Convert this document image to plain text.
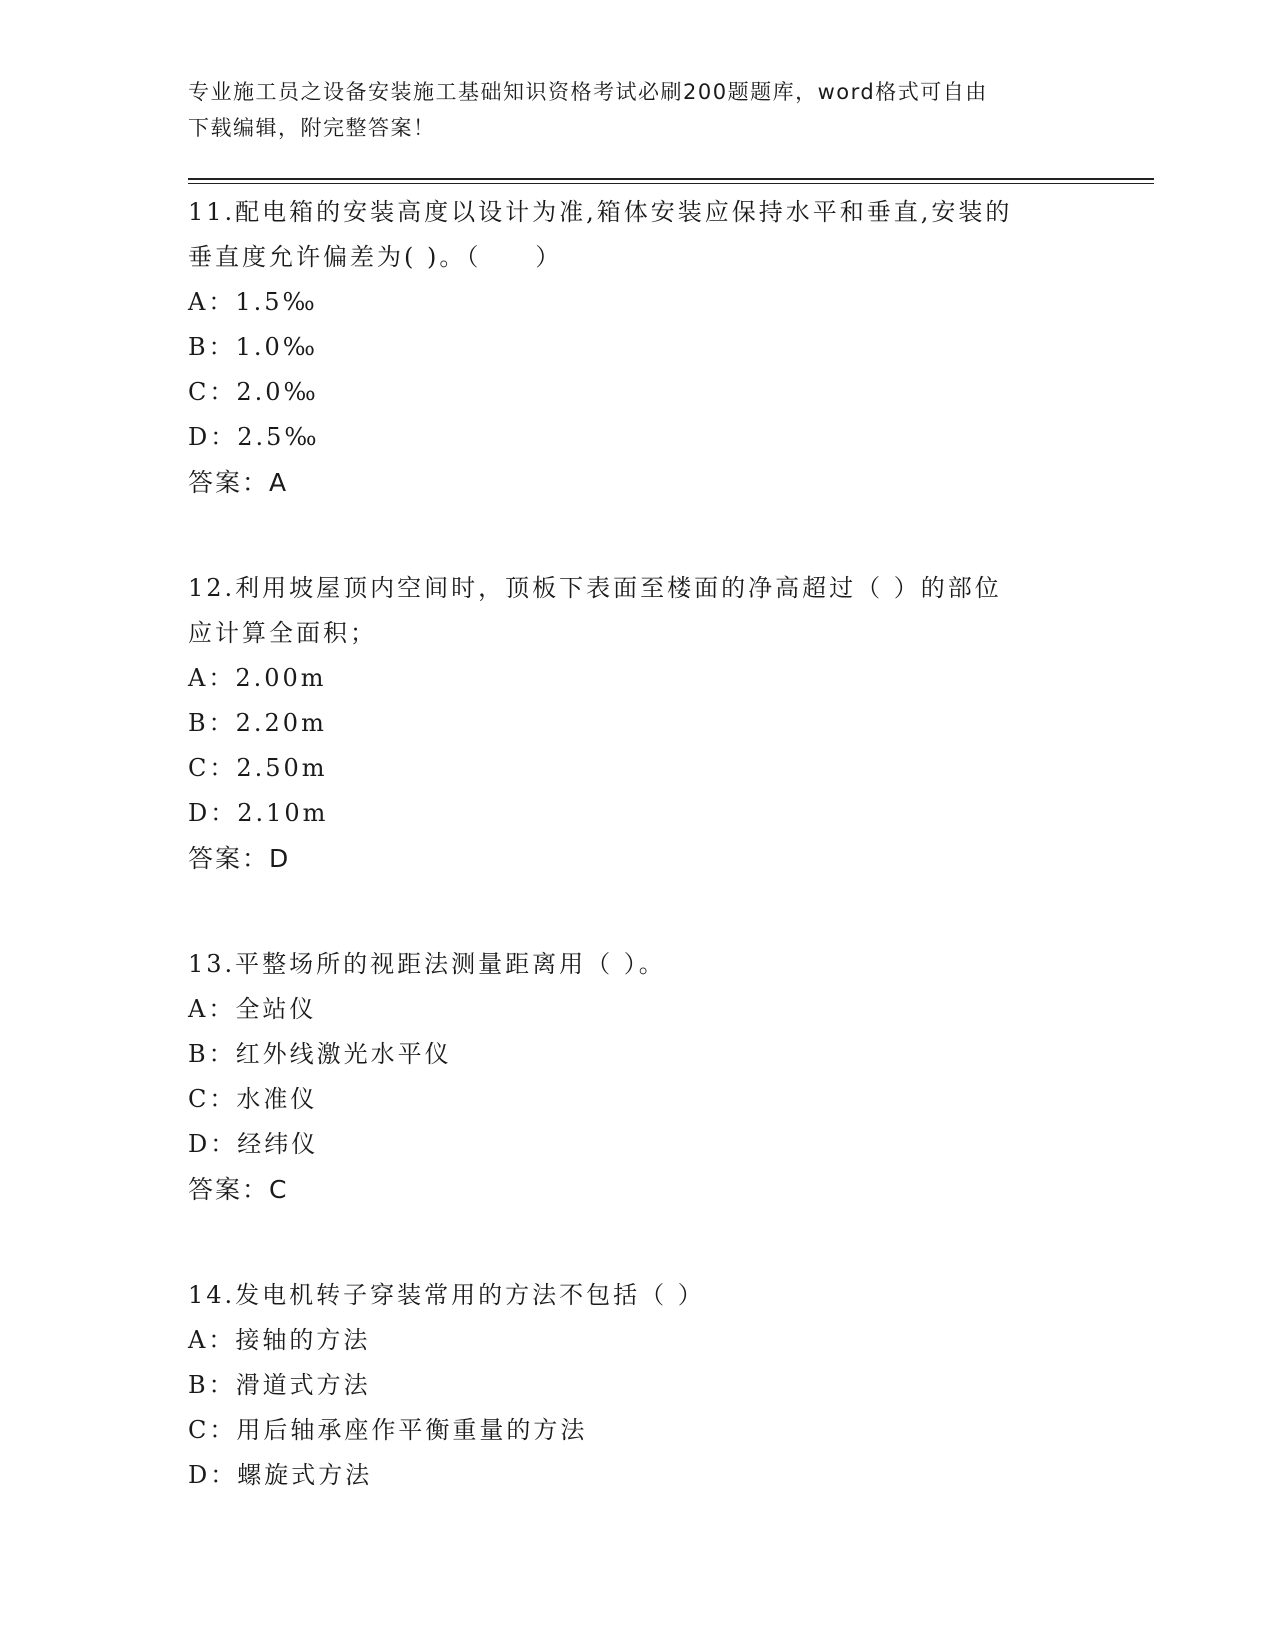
专业施工员之设备安装施工基础知识资格考试必刷200题题库，word格式可自由
下载编辑，附完整答案！
11.配电箱的安装高度以设计为准,箱体安装应保持水平和垂直,安装的
垂直度允许偏差为( )。（　　）
A：1.5‰
B：1.0‰
C：2.0‰
D：2.5‰
答案：A
12.利用坡屋顶内空间时，顶板下表面至楼面的净高超过（ ）的部位
应计算全面积；
A：2.00m
B：2.20m
C：2.50m
D：2.10m
答案：D
13.平整场所的视距法测量距离用（ ）。
A：全站仪
B：红外线激光水平仪
C：水准仪
D：经纬仪
答案：C
14.发电机转子穿装常用的方法不包括（ ）
A：接轴的方法
B：滑道式方法
C：用后轴承座作平衡重量的方法
D：螺旋式方法
